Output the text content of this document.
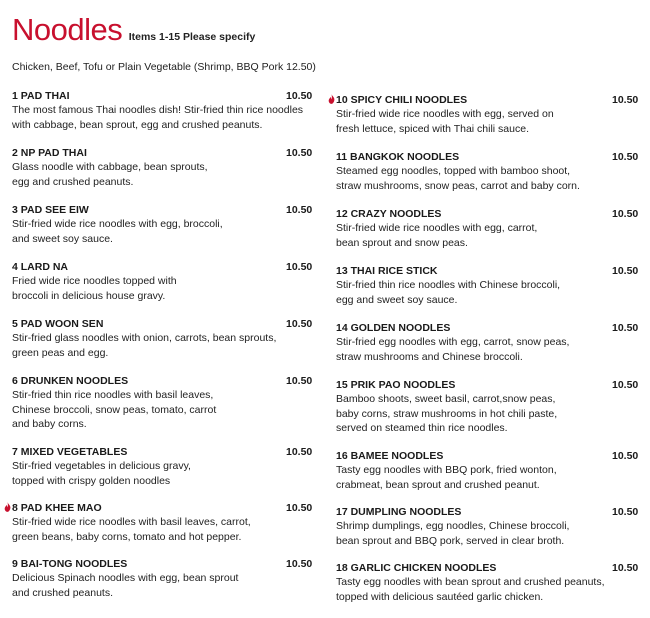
Noodles Items 1-15 Please specify
Chicken, Beef, Tofu or Plain Vegetable (Shrimp, BBQ Pork 12.50)
1 PAD THAI	10.50
The most famous Thai noodles dish! Stir-fried thin rice noodles
with cabbage, bean sprout, egg and crushed peanuts.
2 NP PAD THAI	10.50
Glass noodle with cabbage, bean sprouts,
egg and crushed peanuts.
3 PAD SEE EIW	10.50
Stir-fried wide rice noodles with egg, broccoli,
and sweet soy sauce.
4 LARD NA	10.50
Fried wide rice noodles topped with
broccoli in delicious house gravy.
5 PAD WOON SEN	10.50
Stir-fried glass noodles with onion, carrots, bean sprouts,
green peas and egg.
6 DRUNKEN NOODLES	10.50
Stir-fried thin rice noodles with basil leaves,
Chinese broccoli, snow peas, tomato, carrot
and baby corns.
7 MIXED VEGETABLES	10.50
Stir-fried vegetables in delicious gravy,
topped with crispy golden noodles
8 PAD KHEE MAO	10.50
Stir-fried wide rice noodles with basil leaves, carrot,
green beans, baby corns, tomato and hot pepper.
9 BAI-TONG NOODLES	10.50
Delicious Spinach noodles with egg, bean sprout
and crushed peanuts.
10 SPICY CHILI NOODLES	10.50
Stir-fried wide rice noodles with egg, served on
fresh lettuce, spiced with Thai chili sauce.
11 BANGKOK NOODLES	10.50
Steamed egg noodles, topped with bamboo shoot,
straw mushrooms, snow peas, carrot and baby corn.
12 CRAZY NOODLES	10.50
Stir-fried wide rice noodles with egg, carrot,
bean sprout and snow peas.
13 THAI RICE STICK	10.50
Stir-fried thin rice noodles with Chinese broccoli,
egg and sweet soy sauce.
14 GOLDEN NOODLES	10.50
Stir-fried egg noodles with egg, carrot, snow peas,
straw mushrooms and Chinese broccoli.
15 PRIK PAO NOODLES	10.50
Bamboo shoots, sweet basil, carrot,snow peas,
baby corns, straw mushrooms in hot chili paste,
served on steamed thin rice noodles.
16 BAMEE NOODLES	10.50
Tasty egg noodles with BBQ pork, fried wonton,
crabmeat, bean sprout and crushed peanut.
17 DUMPLING NOODLES	10.50
Shrimp dumplings, egg noodles, Chinese broccoli,
bean sprout and BBQ pork, served in clear broth.
18 GARLIC CHICKEN NOODLES	10.50
Tasty egg noodles with bean sprout and crushed peanuts,
topped with delicious sautéed garlic chicken.
